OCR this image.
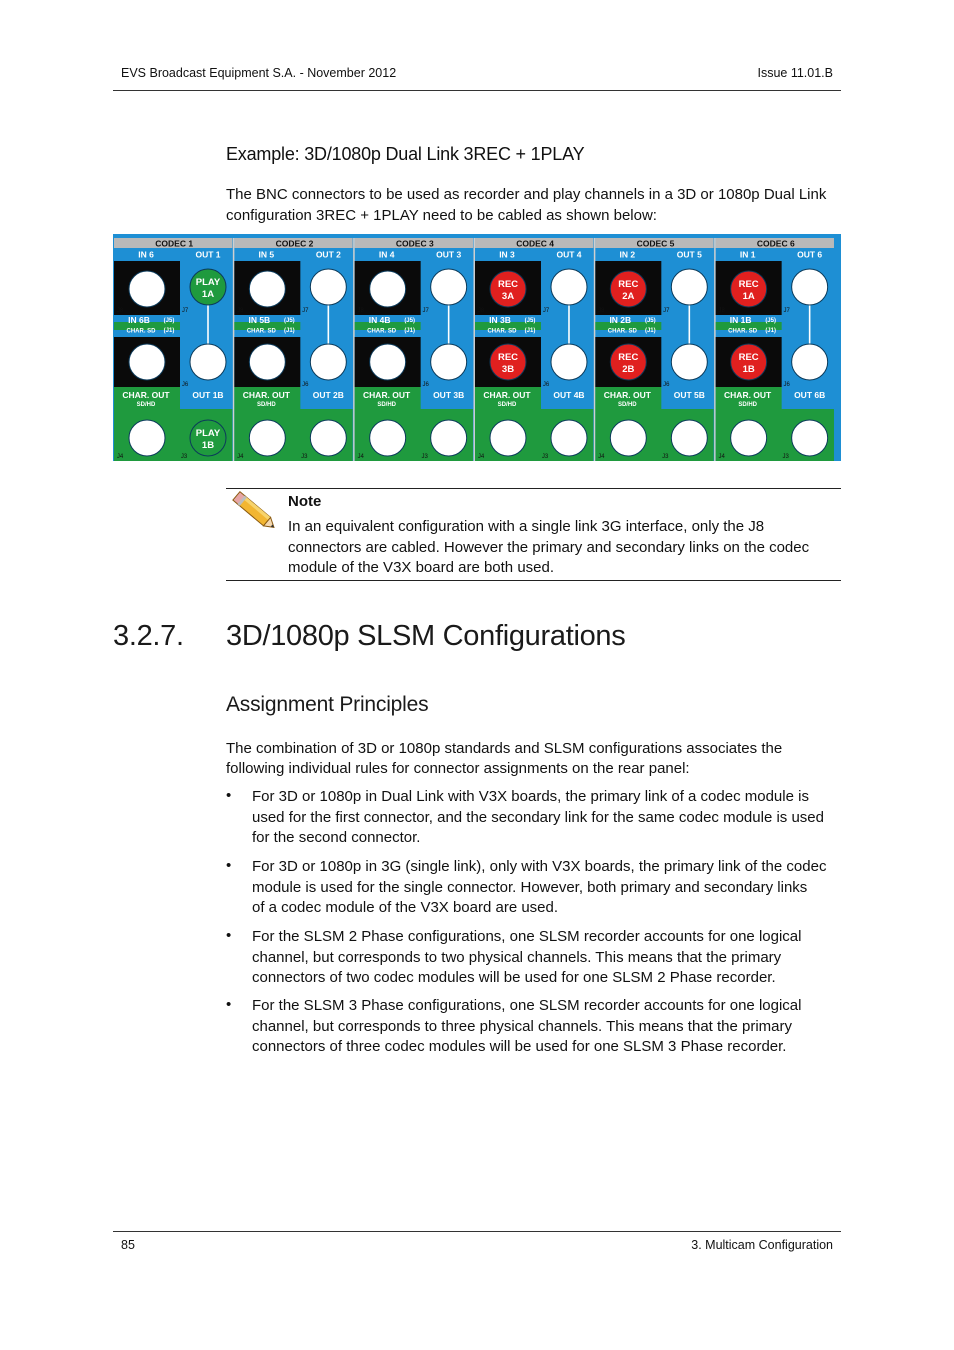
EVS Broadcast Equipment S.A. - November 2012	Issue 11.01.B
Example: 3D/1080p Dual Link 3REC + 1PLAY
The BNC connectors to be used as recorder and play channels in a 3D or 1080p Dual Link
configuration 3REC + 1PLAY need to be cabled as shown below:
CODEC 1
IN 6	OUT 1
IN 6B (J5)
CHAR. SD (J1)
CHAR. OUT
SD/HD
OUT 1B
J8	J7
J6
J4	J3
PLAY
1A
PLAY
1B
CODEC 2
IN 5	OUT 2
IN 5B (J5)
CHAR. SD (J1)
CHAR. OUT
SD/HD
OUT 2B
J8	J7
J6
J4	J3
CODEC 3
IN 4	OUT 3
IN 4B (J5)
CHAR. SD (J1)
CHAR. OUT
SD/HD
OUT 3B
J8	J7
J6
J4	J3
CODEC 4
IN 3	OUT 4
IN 3B (J5)
CHAR. SD (J1)
CHAR. OUT
SD/HD
OUT 4B
J8	J7
J6
J4	J3
REC
3A
REC
3B
CODEC 5
IN 2	OUT 5
IN 2B (J5)
CHAR. SD (J1)
CHAR. OUT
SD/HD
OUT 5B
J8	J7
J6
J4	J3
REC
2A
REC
2B
CODEC 6
IN 1	OUT 6
IN 1B (J5)
CHAR. SD (J1)
CHAR. OUT
SD/HD
OUT 6B
J8	J7
J6
J4	J3
REC
1A
REC
1B
Note
In an equivalent configuration with a single link 3G interface, only the J8
connectors are cabled. However the primary and secondary links on the codec
module of the V3X board are both used.
3.2.7. 3D/1080p SLSM Configurations
Assignment Principles
The combination of 3D or 1080p standards and SLSM configurations associates the
following individual rules for connector assignments on the rear panel:
• For 3D or 1080p in Dual Link with V3X boards, the primary link of a codec module is
used for the first connector, and the secondary link for the same codec module is used
for the second connector.
• For 3D or 1080p in 3G (single link), only with V3X boards, the primary link of the codec
module is used for the single connector. However, both primary and secondary links
of a codec module of the V3X board are used.
• For the SLSM 2 Phase configurations, one SLSM recorder accounts for one logical
channel, but corresponds to two physical channels. This means that the primary
connectors of two codec modules will be used for one SLSM 2 Phase recorder.
• For the SLSM 3 Phase configurations, one SLSM recorder accounts for one logical
channel, but corresponds to three physical channels. This means that the primary
connectors of three codec modules will be used for one SLSM 3 Phase recorder.
85	3. Multicam Configuration
